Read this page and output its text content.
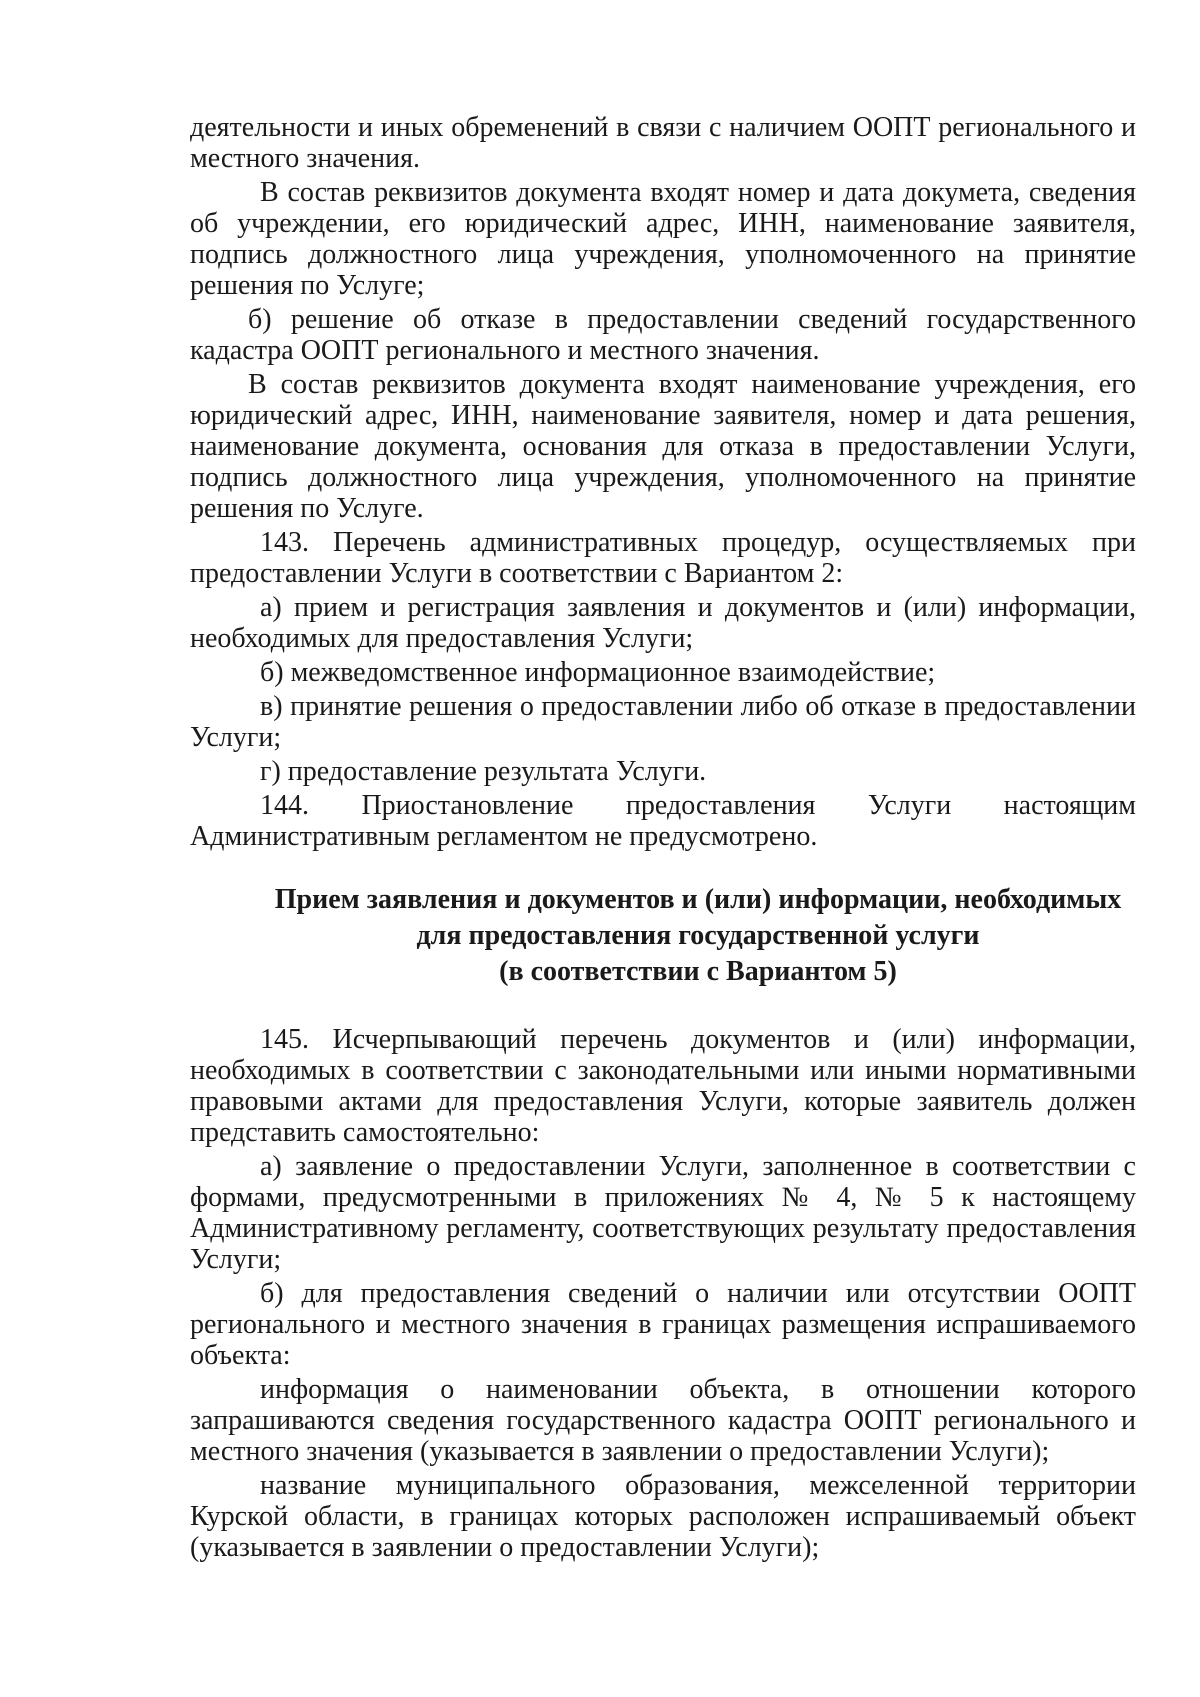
деятельности и иных обременений в связи с наличием ООПТ регионального и местного значения.

В состав реквизитов документа входят номер и дата докумета, сведения об учреждении, его юридический адрес, ИНН, наименование заявителя, подпись должностного лица учреждения, уполномоченного на принятие решения по Услуге;

б) решение об отказе в предоставлении сведений государственного кадастра ООПТ регионального и местного значения.

В состав реквизитов документа входят наименование учреждения, его юридический адрес, ИНН, наименование заявителя, номер и дата решения, наименование документа, основания для отказа в предоставлении Услуги, подпись должностного лица учреждения, уполномоченного на принятие решения по Услуге.

143. Перечень административных процедур, осуществляемых при предоставлении Услуги в соответствии с Вариантом 2:

а) прием и регистрация заявления и документов и (или) информации, необходимых для предоставления Услуги;

б) межведомственное информационное взаимодействие;

в) принятие решения о предоставлении либо об отказе в предоставлении Услуги;

г) предоставление результата Услуги.

144. Приостановление предоставления Услуги настоящим Административным регламентом не предусмотрено.

Прием заявления и документов и (или) информации, необходимых
для предоставления государственной услуги
(в соответствии с Вариантом 5)

145. Исчерпывающий перечень документов и (или) информации, необходимых в соответствии с законодательными или иными нормативными правовыми актами для предоставления Услуги, которые заявитель должен представить самостоятельно:

а) заявление о предоставлении Услуги, заполненное в соответствии с формами, предусмотренными в приложениях № 4, № 5 к настоящему Административному регламенту, соответствующих результату предоставления Услуги;

б) для предоставления сведений о наличии или отсутствии ООПТ регионального и местного значения в границах размещения испрашиваемого объекта:

информация о наименовании объекта, в отношении которого запрашиваются сведения государственного кадастра ООПТ регионального и местного значения (указывается в заявлении о предоставлении Услуги);

название муниципального образования, межселенной территории Курской области, в границах которых расположен испрашиваемый объект (указывается в заявлении о предоставлении Услуги);
